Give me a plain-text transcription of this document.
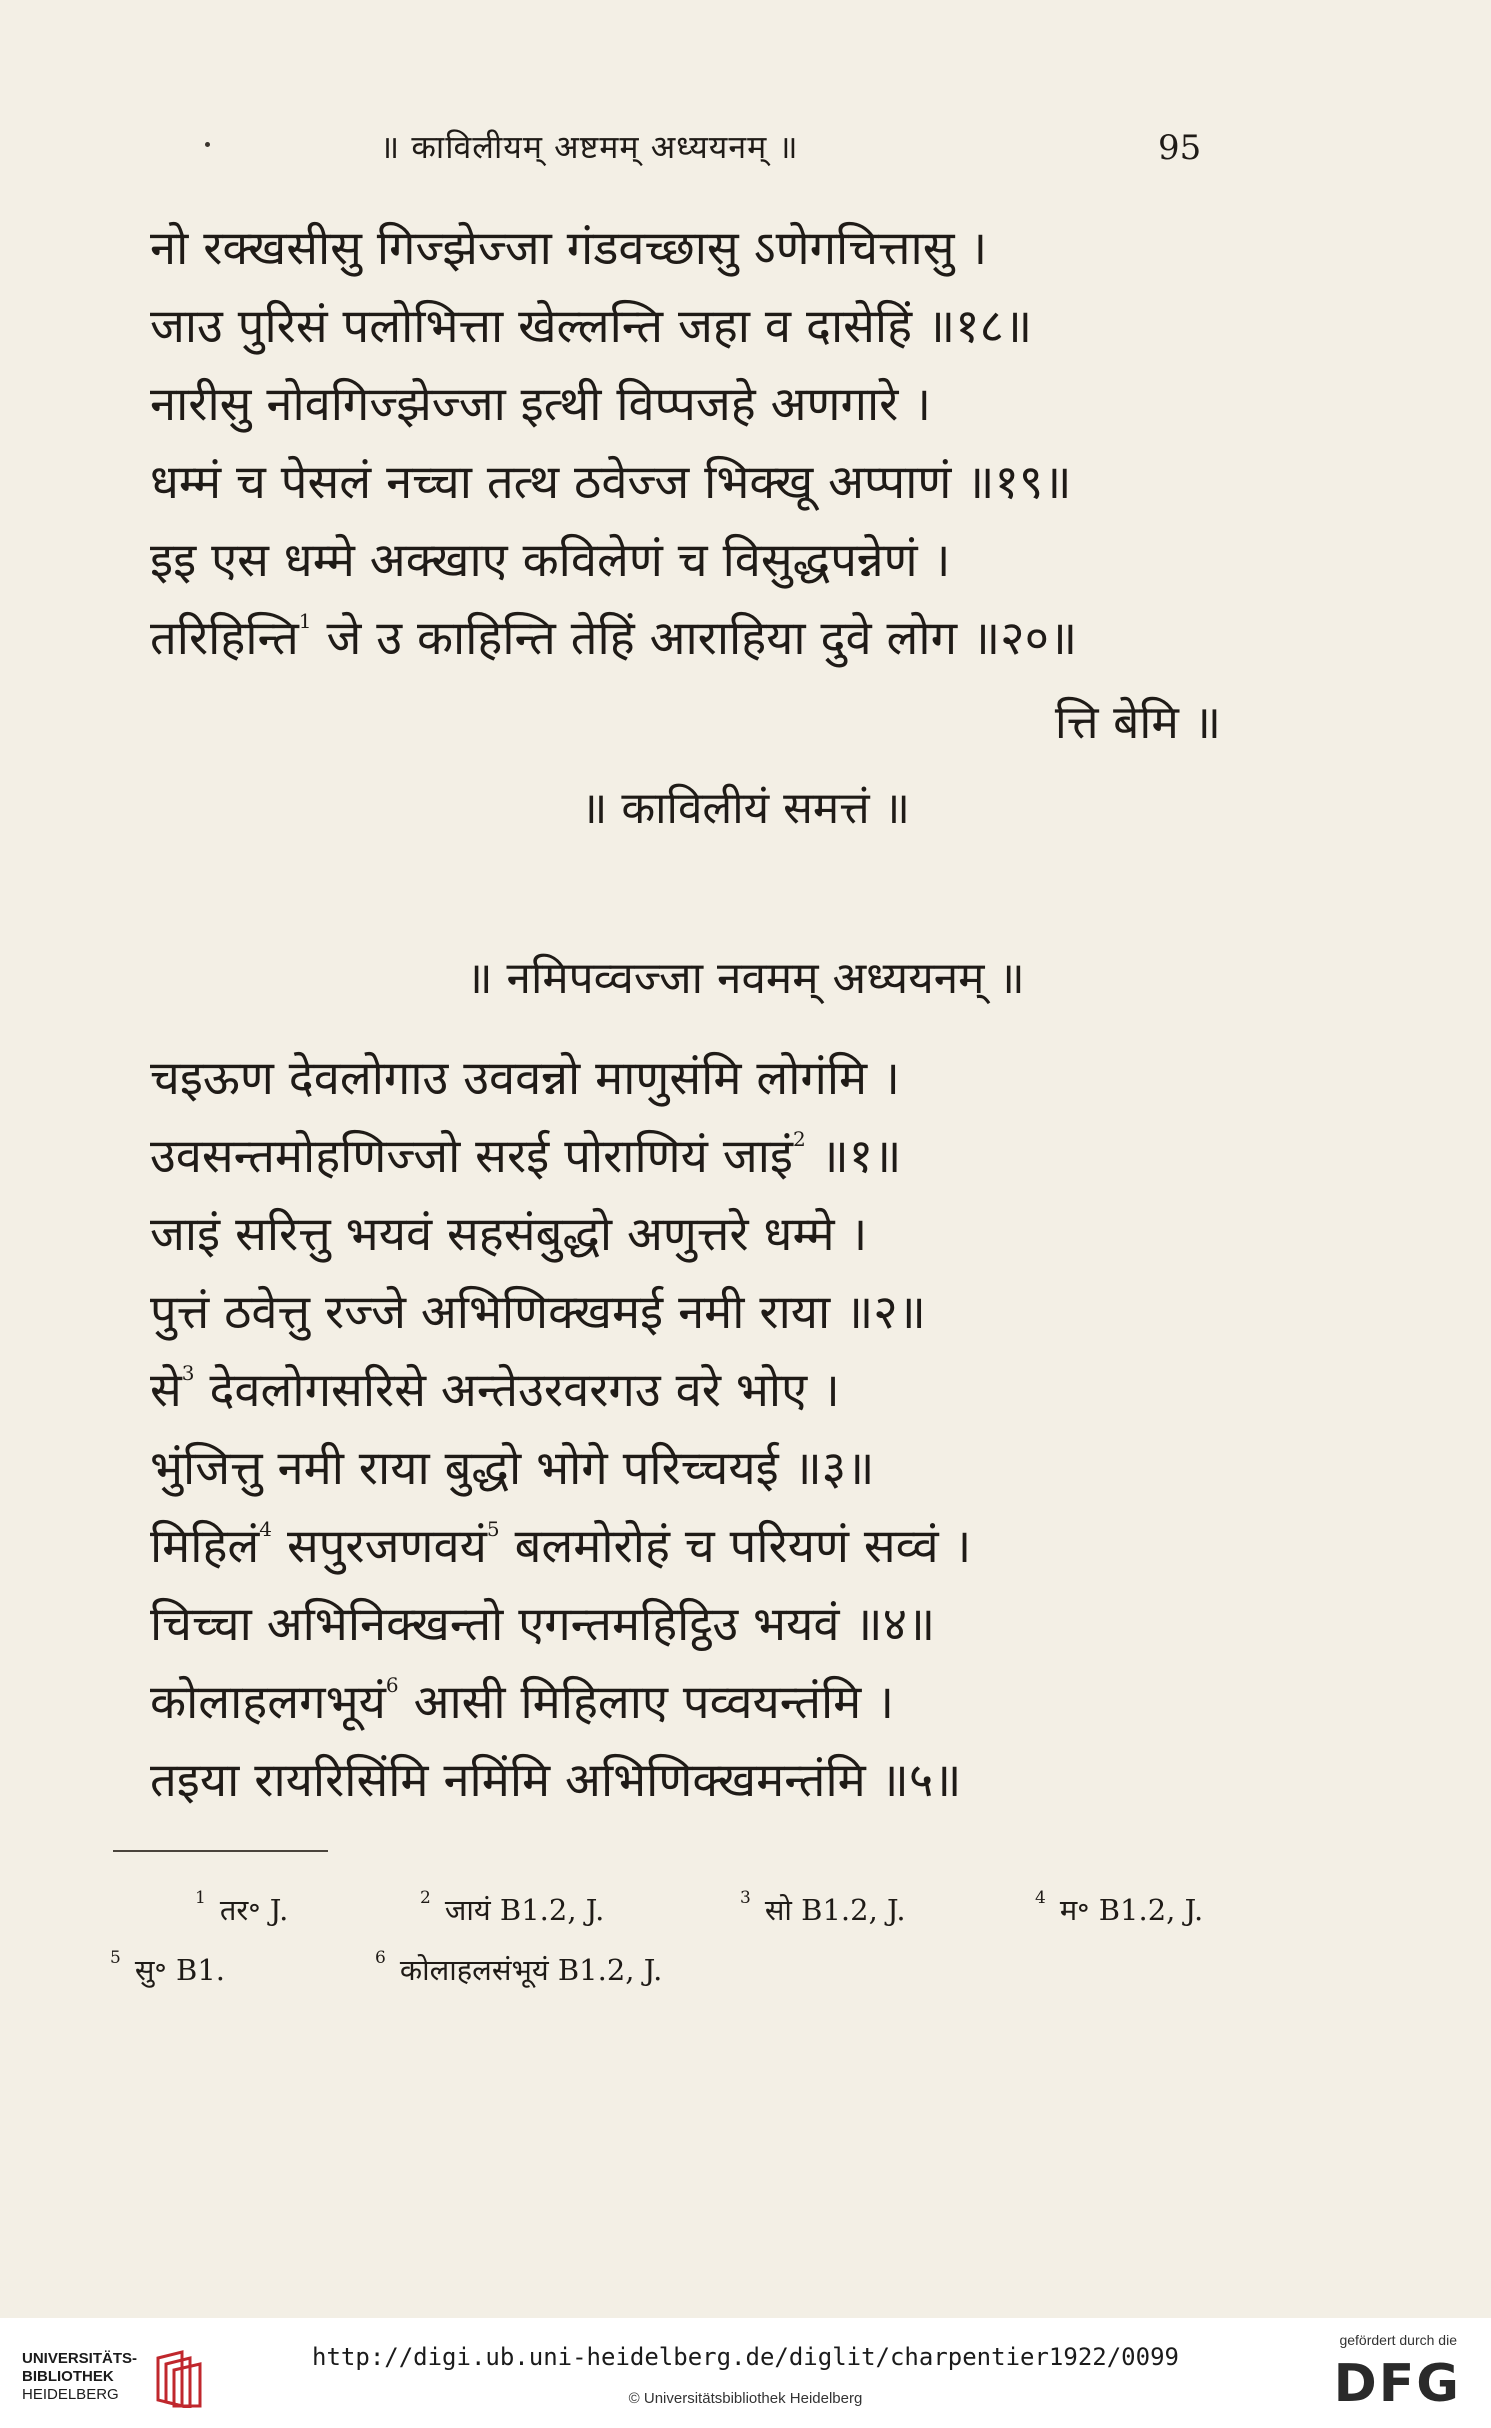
॥ काविलीयम् अष्टमम् अध्ययनम् ॥	95
नो रक्खसीसु गिज्झेज्जा गंडवच्छासु ऽणेगचित्तासु ।
जाउ पुरिसं पलोभित्ता खेल्लन्ति जहा व दासेहिं ॥१८॥
नारीसु नोवगिज्झेज्जा इत्थी विप्पजहे अणगारे ।
धम्मं च पेसलं नच्चा तत्थ ठवेज्ज भिक्खू अप्पाणं ॥१९॥
इइ एस धम्मे अक्खाए कविलेणं च विसुद्धपन्नेणं ।
तरिहिन्ति$^1$ जे उ काहिन्ति तेहिं आराहिया दुवे लोग ॥२०॥
त्ति बेमि ॥
॥ काविलीयं समत्तं ॥
॥ नमिपव्वज्जा नवमम् अध्ययनम् ॥
चइऊण देवलोगाउ उववन्नो माणुसंमि लोगंमि ।
उवसन्तमोहणिज्जो सरई पोराणियं जाइं$^2$ ॥१॥
जाइं सरित्तु भयवं सहसंबुद्धो अणुत्तरे धम्मे ।
पुत्तं ठवेत्तु रज्जे अभिणिक्खमई नमी राया ॥२॥
से$^3$ देवलोगसरिसे अन्तेउरवरगउ वरे भोए ।
भुंजित्तु नमी राया बुद्धो भोगे परिच्चयई ॥३॥
मिहिलं$^4$ सपुरजणवयं$^5$ बलमोरोहं च परियणं सव्वं ।
चिच्चा अभिनिक्खन्तो एगन्तमहिट्ठिउ भयवं ॥४॥
कोलाहलगभूयं$^6$ आसी मिहिलाए पव्वयन्तंमि ।
तइया रायरिसिंमि नमिंमि अभिणिक्खमन्तंमि ॥५॥
$^1$ तर॰ J.	$^2$ जायं B1.2, J.	$^3$ सो B1.2, J.	$^4$ म॰ B1.2, J.
$^5$ सु॰ B1.	$^6$ कोलाहलसंभूयं B1.2, J.
UNIVERSITÄTS-
BIBLIOTHEK
HEIDELBERG
http://digi.ub.uni-heidelberg.de/diglit/charpentier1922/0099
© Universitätsbibliothek Heidelberg
gefördert durch die
DFG
